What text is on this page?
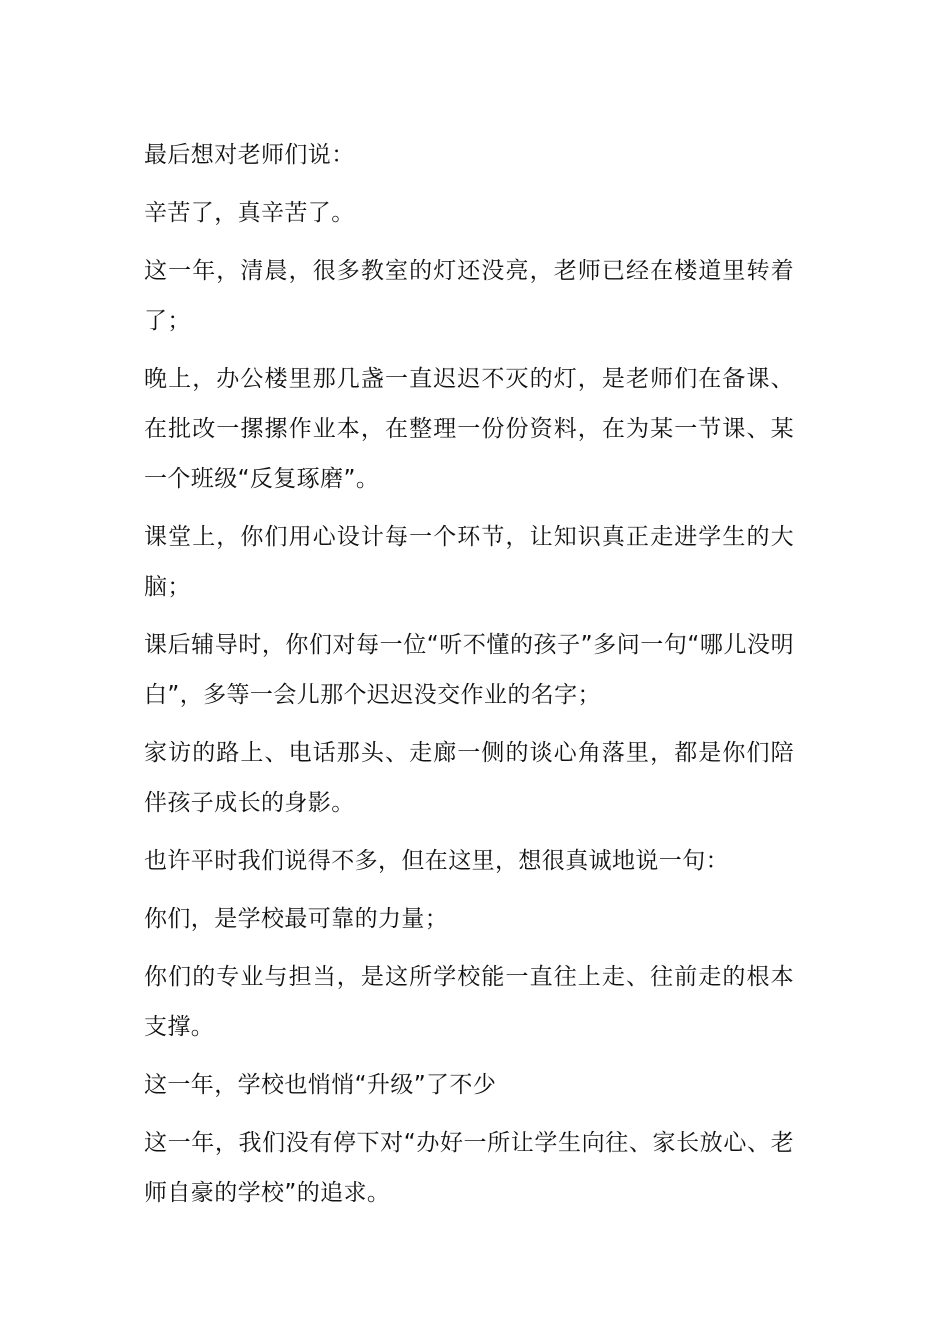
最后想对老师们说：

辛苦了，真辛苦了。

这一年，清晨，很多教室的灯还没亮，老师已经在楼道里转着了；

晚上，办公楼里那几盏一直迟迟不灭的灯，是老师们在备课、在批改一摞摞作业本，在整理一份份资料，在为某一节课、某一个班级“反复琢磨”。

课堂上，你们用心设计每一个环节，让知识真正走进学生的大脑；

课后辅导时，你们对每一位“听不懂的孩子”多问一句“哪儿没明白”，多等一会儿那个迟迟没交作业的名字；

家访的路上、电话那头、走廊一侧的谈心角落里，都是你们陪伴孩子成长的身影。

也许平时我们说得不多，但在这里，想很真诚地说一句：

你们，是学校最可靠的力量；

你们的专业与担当，是这所学校能一直往上走、往前走的根本支撑。

这一年，学校也悄悄“升级”了不少

这一年，我们没有停下对“办好一所让学生向往、家长放心、老师自豪的学校”的追求。
